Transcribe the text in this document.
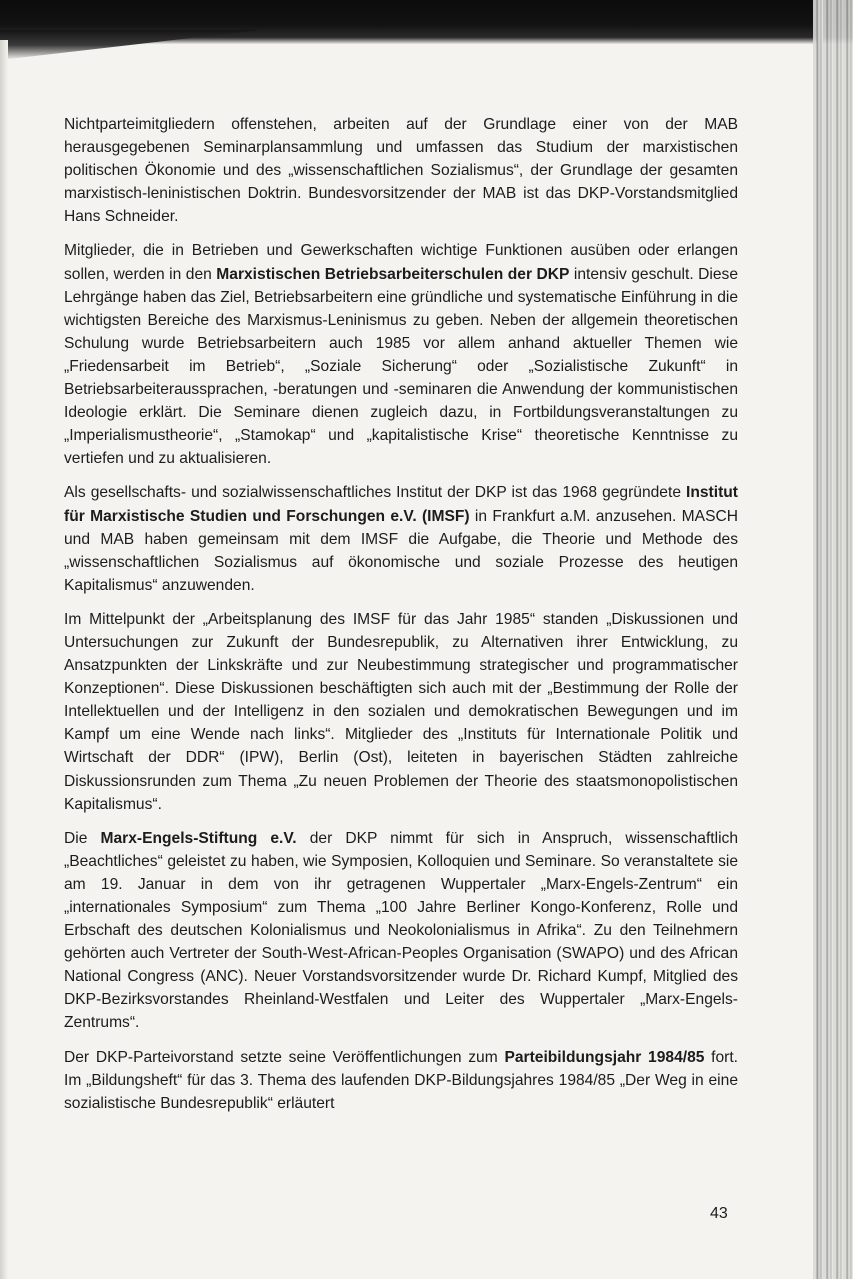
Nichtparteimitgliedern offenstehen, arbeiten auf der Grundlage einer von der MAB herausgegebenen Seminarplansammlung und umfassen das Studium der marxistischen politischen Ökonomie und des „wissenschaftlichen Sozialismus“, der Grundlage der gesamten marxistisch-leninistischen Doktrin. Bundesvorsitzender der MAB ist das DKP-Vorstandsmitglied Hans Schneider.

Mitglieder, die in Betrieben und Gewerkschaften wichtige Funktionen ausüben oder erlangen sollen, werden in den Marxistischen Betriebsarbeiterschulen der DKP intensiv geschult. Diese Lehrgänge haben das Ziel, Betriebsarbeitern eine gründliche und systematische Einführung in die wichtigsten Bereiche des Marxismus-Leninismus zu geben. Neben der allgemein theoretischen Schulung wurde Betriebsarbeitern auch 1985 vor allem anhand aktueller Themen wie „Friedensarbeit im Betrieb“, „Soziale Sicherung“ oder „Sozialistische Zukunft“ in Betriebsarbeiteraussprachen, -beratungen und -seminaren die Anwendung der kommunistischen Ideologie erklärt. Die Seminare dienen zugleich dazu, in Fortbildungsveranstaltungen zu „Imperialismustheorie“, „Stamokap“ und „kapitalistische Krise“ theoretische Kenntnisse zu vertiefen und zu aktualisieren.

Als gesellschafts- und sozialwissenschaftliches Institut der DKP ist das 1968 gegründete Institut für Marxistische Studien und Forschungen e.V. (IMSF) in Frankfurt a.M. anzusehen. MASCH und MAB haben gemeinsam mit dem IMSF die Aufgabe, die Theorie und Methode des „wissenschaftlichen Sozialismus auf ökonomische und soziale Prozesse des heutigen Kapitalismus“ anzuwenden.

Im Mittelpunkt der „Arbeitsplanung des IMSF für das Jahr 1985“ standen „Diskussionen und Untersuchungen zur Zukunft der Bundesrepublik, zu Alternativen ihrer Entwicklung, zu Ansatzpunkten der Linkskräfte und zur Neubestimmung strategischer und programmatischer Konzeptionen“. Diese Diskussionen beschäftigten sich auch mit der „Bestimmung der Rolle der Intellektuellen und der Intelligenz in den sozialen und demokratischen Bewegungen und im Kampf um eine Wende nach links“. Mitglieder des „Instituts für Internationale Politik und Wirtschaft der DDR“ (IPW), Berlin (Ost), leiteten in bayerischen Städten zahlreiche Diskussionsrunden zum Thema „Zu neuen Problemen der Theorie des staatsmonopolistischen Kapitalismus“.

Die Marx-Engels-Stiftung e.V. der DKP nimmt für sich in Anspruch, wissenschaftlich „Beachtliches“ geleistet zu haben, wie Symposien, Kolloquien und Seminare. So veranstaltete sie am 19. Januar in dem von ihr getragenen Wuppertaler „Marx-Engels-Zentrum“ ein „internationales Symposium“ zum Thema „100 Jahre Berliner Kongo-Konferenz, Rolle und Erbschaft des deutschen Kolonialismus und Neokolonialismus in Afrika“. Zu den Teilnehmern gehörten auch Vertreter der South-West-African-Peoples Organisation (SWAPO) und des African National Congress (ANC). Neuer Vorstandsvorsitzender wurde Dr. Richard Kumpf, Mitglied des DKP-Bezirksvorstandes Rheinland-Westfalen und Leiter des Wuppertaler „Marx-Engels-Zentrums“.

Der DKP-Parteivorstand setzte seine Veröffentlichungen zum Parteibildungsjahr 1984/85 fort. Im „Bildungsheft“ für das 3. Thema des laufenden DKP-Bildungsjahres 1984/85 „Der Weg in eine sozialistische Bundesrepublik“ erläutert

43
